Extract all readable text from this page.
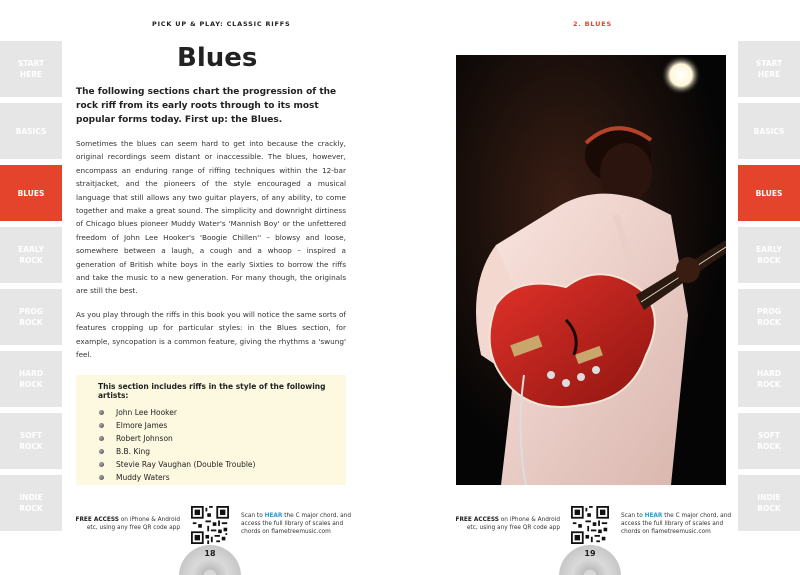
PICK UP & PLAY: CLASSIC RIFFS	2. BLUES
START
HERE
BASICS
BLUES
EARLY
ROCK
PROG
ROCK
HARD
ROCK
SOFT
ROCK
INDIE
ROCK
START
HERE
BASICS
BLUES
EARLY
ROCK
PROG
ROCK
HARD
ROCK
SOFT
ROCK
INDIE
ROCK
Blues

The following sections chart the progression of the rock riff from its early roots through to its most popular forms today. First up: the Blues.

Sometimes the blues can seem hard to get into because the crackly, original recordings seem distant or inaccessible. The blues, however, encompass an enduring range of riffing techniques within the 12-bar straitjacket, and the pioneers of the style encouraged a musical language that still allows any two guitar players, of any ability, to come together and make a great sound. The simplicity and downright dirtiness of Chicago blues pioneer Muddy Water's 'Mannish Boy' or the unfettered freedom of John Lee Hooker's 'Boogie Chillen'' – blowsy and loose, somewhere between a laugh, a cough and a whoop – inspired a generation of British white boys in the early Sixties to borrow the riffs and take the music to a new generation. For many though, the originals are still the best.

As you play through the riffs in this book you will notice the same sorts of features cropping up for particular styles: in the Blues section, for example, syncopation is a common feature, giving the rhythms a 'swung' feel.

This section includes riffs in the style of the following artists:
John Lee Hooker
Elmore James
Robert Johnson
B.B. King
Stevie Ray Vaughan (Double Trouble)
Muddy Waters
FREE ACCESS on iPhone & Android
etc, using any free QR code app
Scan to HEAR the C major chord, and
access the full library of scales and
chords on flametreemusic.com
18
FREE ACCESS on iPhone & Android
etc, using any free QR code app
Scan to HEAR the C major chord, and
access the full library of scales and
chords on flametreemusic.com
19
